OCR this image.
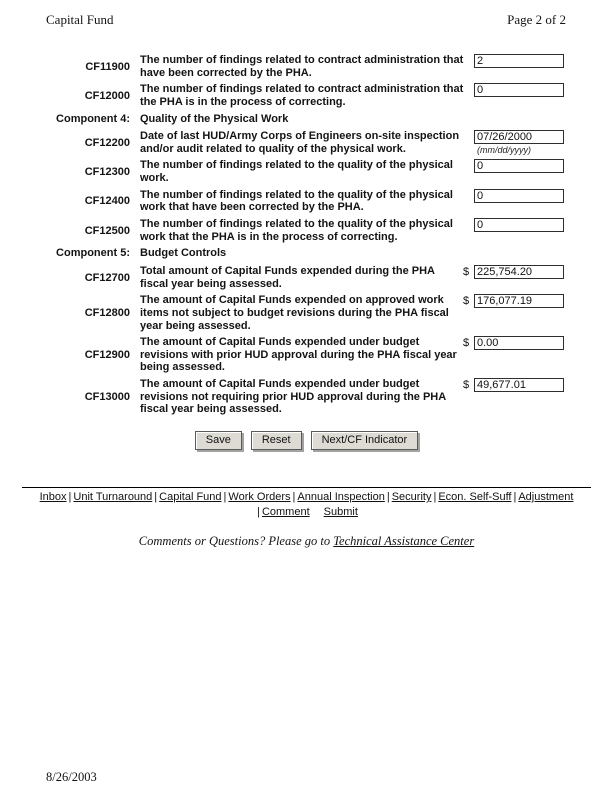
Capital Fund	Page 2 of 2
CF11900
The number of findings related to contract administration that have been corrected by the PHA.
2
CF12000
The number of findings related to contract administration that the PHA is in the process of correcting.
0
Component 4: Quality of the Physical Work
CF12200
Date of last HUD/Army Corps of Engineers on-site inspection and/or audit related to quality of the physical work.
07/26/2000	(mm/dd/yyyy)
CF12300
The number of findings related to the quality of the physical work.
0
CF12400
The number of findings related to the quality of the physical work that have been corrected by the PHA.
0
CF12500
The number of findings related to the quality of the physical work that the PHA is in the process of correcting.
0
Component 5: Budget Controls
CF12700
Total amount of Capital Funds expended during the PHA fiscal year being assessed.
$
225,754.20
CF12800
The amount of Capital Funds expended on approved work items not subject to budget revisions during the PHA fiscal year being assessed.
$
176,077.19
CF12900
The amount of Capital Funds expended under budget revisions with prior HUD approval during the PHA fiscal year being assessed.
$
0.00
CF13000
The amount of Capital Funds expended under budget revisions not requiring prior HUD approval during the PHA fiscal year being assessed.
$
49,677.01
Save	Reset	Next/CF Indicator
Inbox | Unit Turnaround | Capital Fund | Work Orders | Annual Inspection | Security | Econ. Self-Suff | Adjustment
| Comment Submit
Comments or Questions? Please go to Technical Assistance Center
8/26/2003
